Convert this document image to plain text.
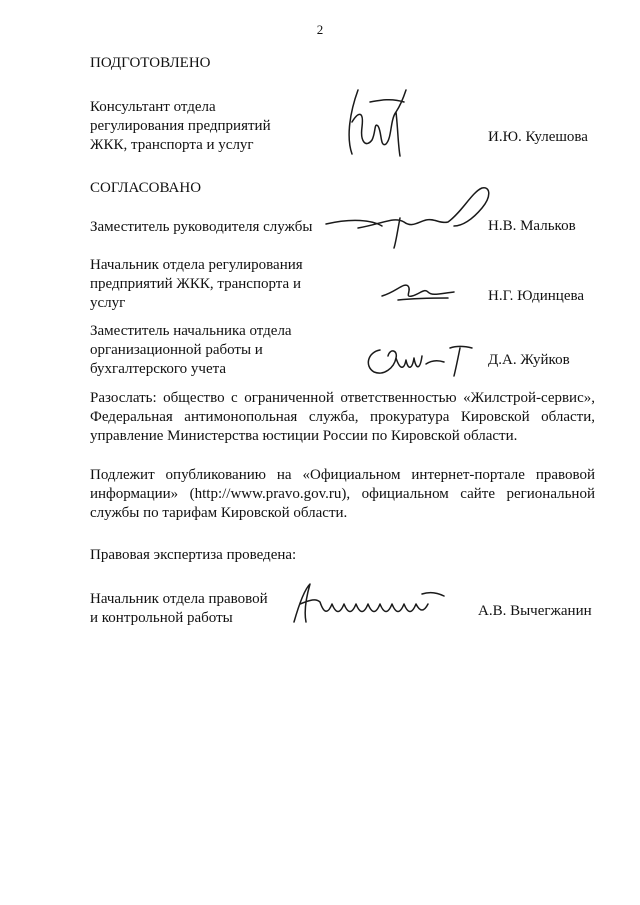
2
ПОДГОТОВЛЕНО
Консультант отдела
регулирования предприятий
ЖКК, транспорта и услуг	И.Ю. Кулешова
СОГЛАСОВАНО
Заместитель руководителя службы	Н.В. Мальков
Начальник отдела регулирования
предприятий ЖКК, транспорта и
услуг	Н.Г. Юдинцева
Заместитель начальника отдела
организационной работы и
бухгалтерского учета
Д.А. Жуйков
Разослать: общество с ограниченной ответственностью «Жилстрой-сервис», Федеральная антимонопольная служба, прокуратура Кировской области, управление Министерства юстиции России по Кировской области.
Подлежит опубликованию на «Официальном интернет-портале правовой информации» (http://www.pravo.gov.ru), официальном сайте региональной службы по тарифам Кировской области.
Правовая экспертиза проведена:
Начальник отдела правовой
и контрольной работы	А.В. Вычегжанин
